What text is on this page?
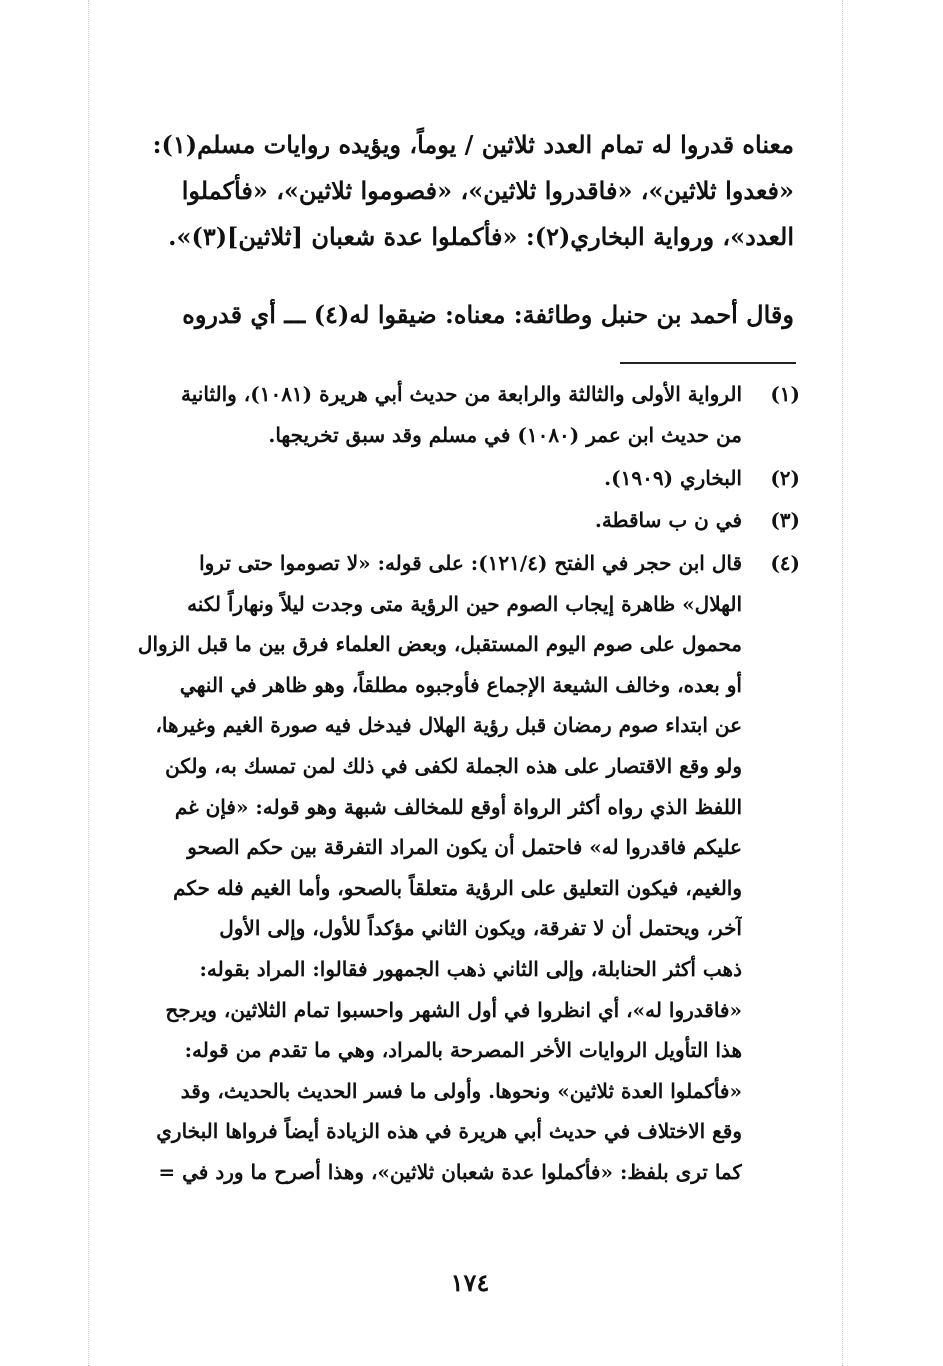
معناه قدروا له تمام العدد ثلاثين / يوماً، ويؤيده روايات مسلم(١):
«فعدوا ثلاثين»، «فاقدروا ثلاثين»، «فصوموا ثلاثين»، «فأكملوا
العدد»، ورواية البخاري(٢): «فأكملوا عدة شعبان [ثلاثين](٣)».
وقال أحمد بن حنبل وطائفة: معناه: ضيقوا له(٤) ـــ أي قدروه
(١)
الرواية الأولى والثالثة والرابعة من حديث أبي هريرة (١٠٨١)، والثانية
من حديث ابن عمر (١٠٨٠) في مسلم وقد سبق تخريجها.
(٢)
البخاري (١٩٠٩).
(٣)
في ن ب ساقطة.
(٤)
قال ابن حجر في الفتح (١٢١/٤): على قوله: «لا تصوموا حتى تروا
الهلال» ظاهرة إيجاب الصوم حين الرؤية متى وجدت ليلاً ونهاراً لكنه
محمول على صوم اليوم المستقبل، وبعض العلماء فرق بين ما قبل الزوال
أو بعده، وخالف الشيعة الإجماع فأوجبوه مطلقاً، وهو ظاهر في النهي
عن ابتداء صوم رمضان قبل رؤية الهلال فيدخل فيه صورة الغيم وغيرها،
ولو وقع الاقتصار على هذه الجملة لكفى في ذلك لمن تمسك به، ولكن
اللفظ الذي رواه أكثر الرواة أوقع للمخالف شبهة وهو قوله: «فإن غم
عليكم فاقدروا له» فاحتمل أن يكون المراد التفرقة بين حكم الصحو
والغيم، فيكون التعليق على الرؤية متعلقاً بالصحو، وأما الغيم فله حكم
آخر، ويحتمل أن لا تفرقة، ويكون الثاني مؤكداً للأول، وإلى الأول
ذهب أكثر الحنابلة، وإلى الثاني ذهب الجمهور فقالوا: المراد بقوله:
«فاقدروا له»، أي انظروا في أول الشهر واحسبوا تمام الثلاثين، ويرجح
هذا التأويل الروايات الأخر المصرحة بالمراد، وهي ما تقدم من قوله:
«فأكملوا العدة ثلاثين» ونحوها. وأولى ما فسر الحديث بالحديث، وقد
وقع الاختلاف في حديث أبي هريرة في هذه الزيادة أيضاً فرواها البخاري
كما ترى بلفظ: «فأكملوا عدة شعبان ثلاثين»، وهذا أصرح ما ورد في =
١٧٤
